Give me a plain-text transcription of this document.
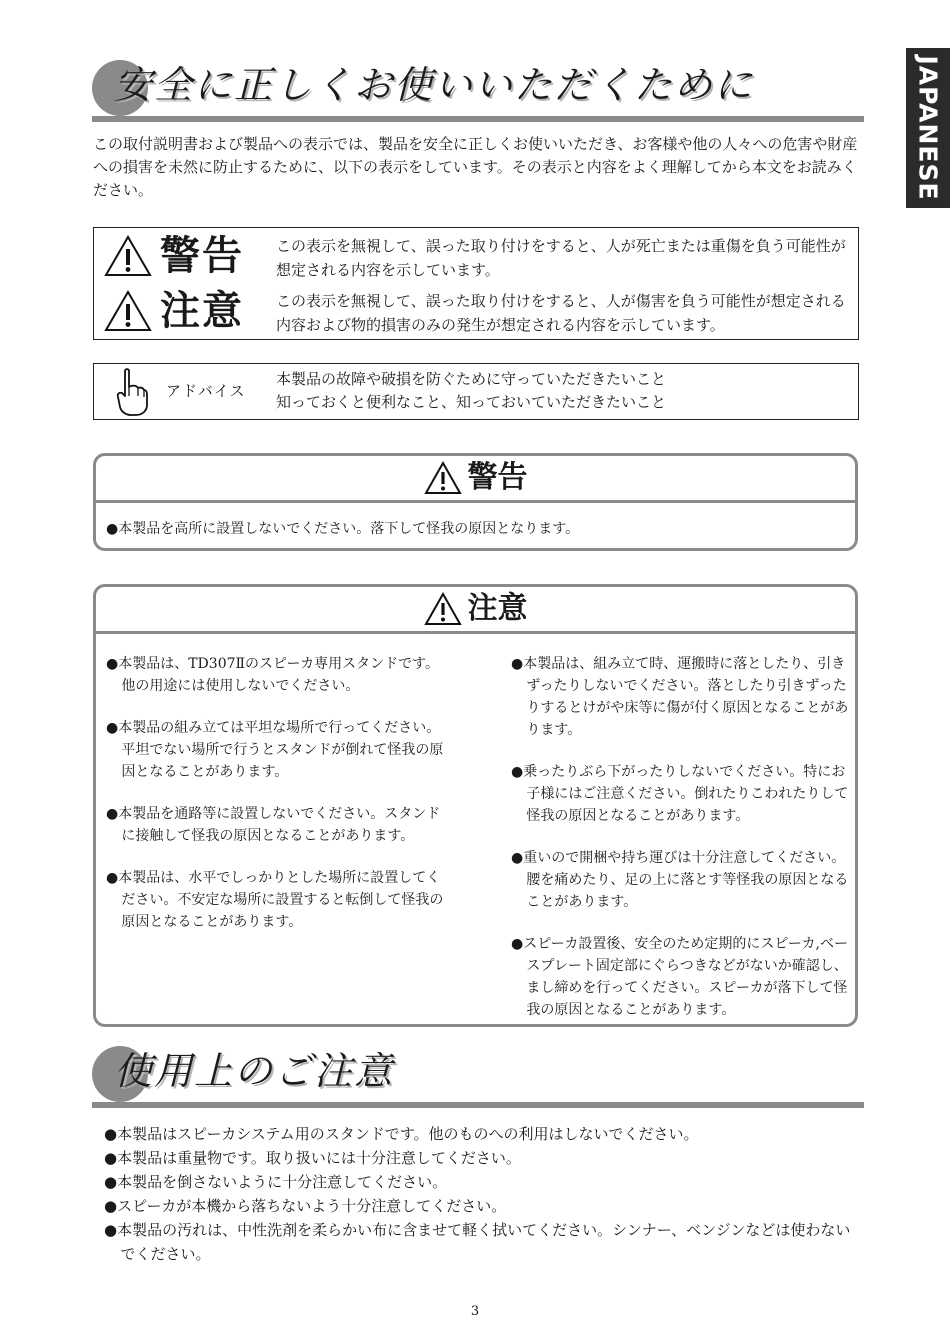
JAPANESE
安全に正しくお使いいただくために
この取付説明書および製品への表示では、製品を安全に正しくお使いいただき、お客様や他の人々への危害や財産への損害を未然に防止するために、以下の表示をしています。その表示と内容をよく理解してから本文をお読みください。
警告 この表示を無視して、誤った取り付けをすると、人が死亡または重傷を負う可能性が想定される内容を示しています。
注意 この表示を無視して、誤った取り付けをすると、人が傷害を負う可能性が想定される内容および物的損害のみの発生が想定される内容を示しています。
アドバイス
本製品の故障や破損を防ぐために守っていただきたいこと
知っておくと便利なこと、知っておいていただきたいこと
警告
●本製品を高所に設置しないでください。落下して怪我の原因となります。
注意
●本製品は、TD307Ⅱのスピーカ専用スタンドです。他の用途には使用しないでください。
●本製品の組み立ては平坦な場所で行ってください。平坦でない場所で行うとスタンドが倒れて怪我の原因となることがあります。
●本製品を通路等に設置しないでください。スタンドに接触して怪我の原因となることがあります。
●本製品は、水平でしっかりとした場所に設置してください。不安定な場所に設置すると転倒して怪我の原因となることがあります。
●本製品は、組み立て時、運搬時に落としたり、引きずったりしないでください。落としたり引きずったりするとけがや床等に傷が付く原因となることがあります。
●乗ったりぶら下がったりしないでください。特にお子様にはご注意ください。倒れたりこわれたりして怪我の原因となることがあります。
●重いので開梱や持ち運びは十分注意してください。腰を痛めたり、足の上に落とす等怪我の原因となることがあります。
●スピーカ設置後、安全のため定期的にスピーカ,ベースプレート固定部にぐらつきなどがないか確認し、まし締めを行ってください。スピーカが落下して怪我の原因となることがあります。
使用上のご注意
●本製品はスピーカシステム用のスタンドです。他のものへの利用はしないでください。
●本製品は重量物です。取り扱いには十分注意してください。
●本製品を倒さないように十分注意してください。
●スピーカが本機から落ちないよう十分注意してください。
●本製品の汚れは、中性洗剤を柔らかい布に含ませて軽く拭いてください。シンナー、ベンジンなどは使わないでください。
3
